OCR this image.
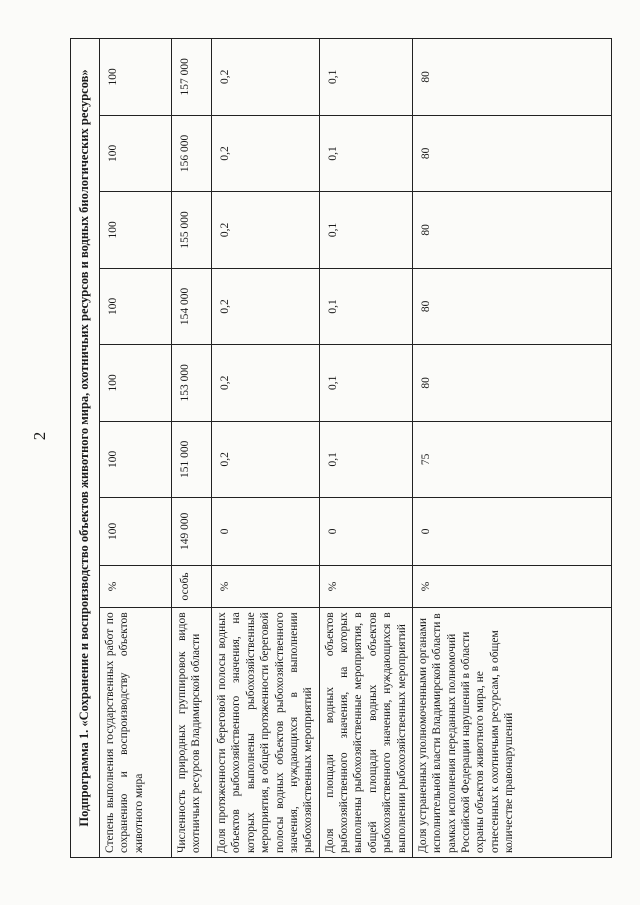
2 Подпрограмма 1. «Сохранение и воспроизводство объектов животного мира, охотничьих ресурсов и водных биологических ресурсов»								
Степень выполнения государственных работ по сохранению и воспроизводству объектов животного мира	%	100	100	100	100	100	100	100
Численность природных группировок видов охотничьих ресурсов Владимирской области	особь	149 000	151 000	153 000	154 000	155 000	156 000	157 000
Доля протяженности береговой полосы водных объектов рыбохозяйственного значения, на которых выполнены рыбохозяйственные мероприятия, в общей протяженности береговой полосы водных объектов рыбохозяйственного значения, нуждающихся в выполнении рыбохозяйственных мероприятий	%	0	0,2	0,2	0,2	0,2	0,2	0,2
Доля площади водных объектов рыбохозяйственного значения, на которых выполнены рыбохозяйственные мероприятия, в общей площади водных объектов рыбохозяйственного значения, нуждающихся в выполнении рыбохозяйственных мероприятий	%	0	0,1	0,1	0,1	0,1	0,1	0,1
Доля устраненных уполномоченными органами исполнительной власти Владимирской области в рамках исполнения переданных полномочий Российской Федерации нарушений в области охраны объектов животного мира, не отнесенных к охотничьим ресурсам, в общем количестве правонарушений	%	0	75	80	80	80	80	80
